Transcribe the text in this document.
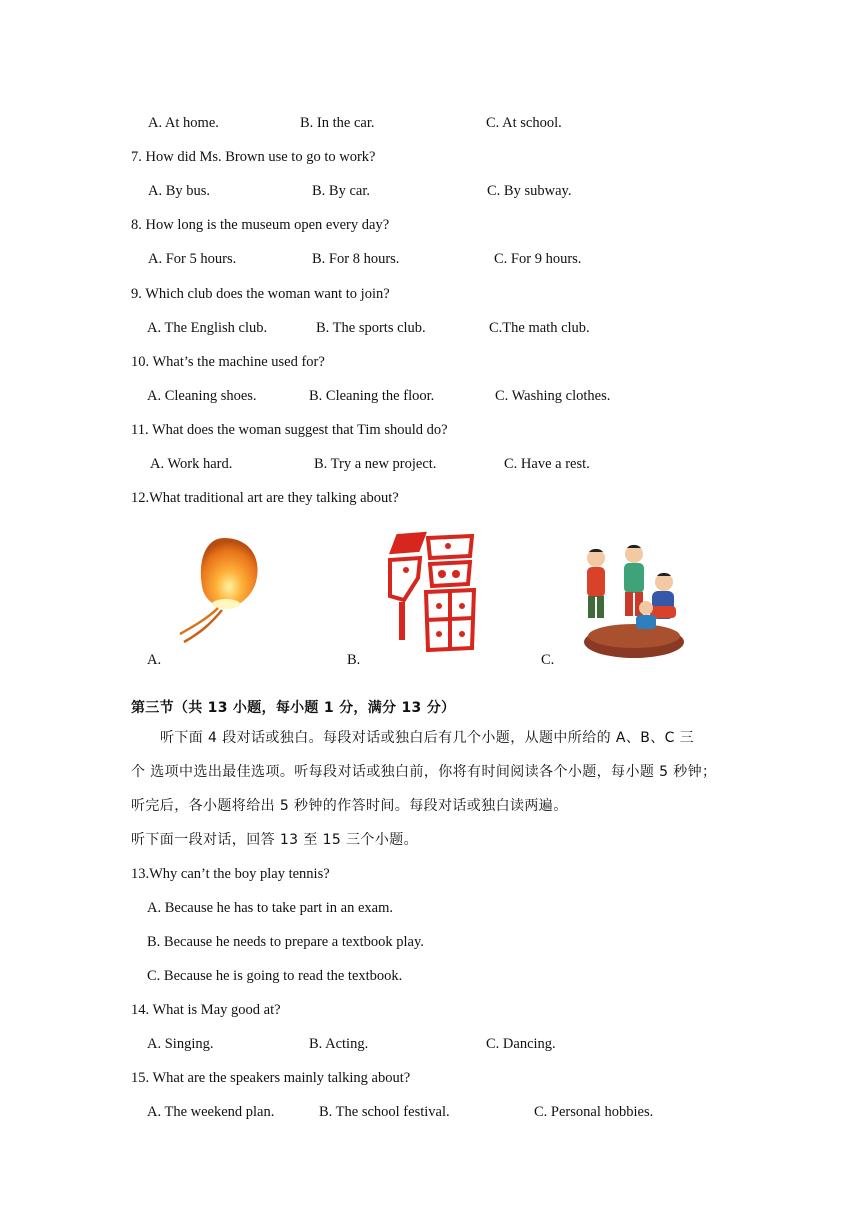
A. At home.	B. In the car.	C. At school.
7. How did Ms. Brown use to go to work?
A. By bus.	B. By car.	C. By subway.
8. How long is the museum open every day?
A. For 5 hours.	B. For 8 hours.	C. For 9 hours.
9. Which club does the woman want to join?
A. The English club.	B. The sports club.	C.The math club.
10. What’s the machine used for?
A. Cleaning shoes.	B. Cleaning the floor.	C. Washing clothes.
11. What does the woman suggest that Tim should do?
A. Work hard.	B. Try a new project.	C. Have a rest.
12.What traditional art are they talking about?
A.	B.	C.
第三节（共 13 小题，每小题 1 分，满分 13 分）
听下面 4 段对话或独白。每段对话或独白后有几个小题，从题中所给的 A、B、C 三
个 选项中选出最佳选项。听每段对话或独白前，你将有时间阅读各个小题，每小题 5 秒钟；
听完后，各小题将给出 5 秒钟的作答时间。每段对话或独白读两遍。
听下面一段对话，回答 13 至 15 三个小题。
13.Why can’t the boy play tennis?
A. Because he has to take part in an exam.
B. Because he needs to prepare a textbook play.
C. Because he is going to read the textbook.
14. What is May good at?
A. Singing.	B. Acting.	C. Dancing.
15. What are the speakers mainly talking about?
A. The weekend plan.	B. The school festival.	C. Personal hobbies.
